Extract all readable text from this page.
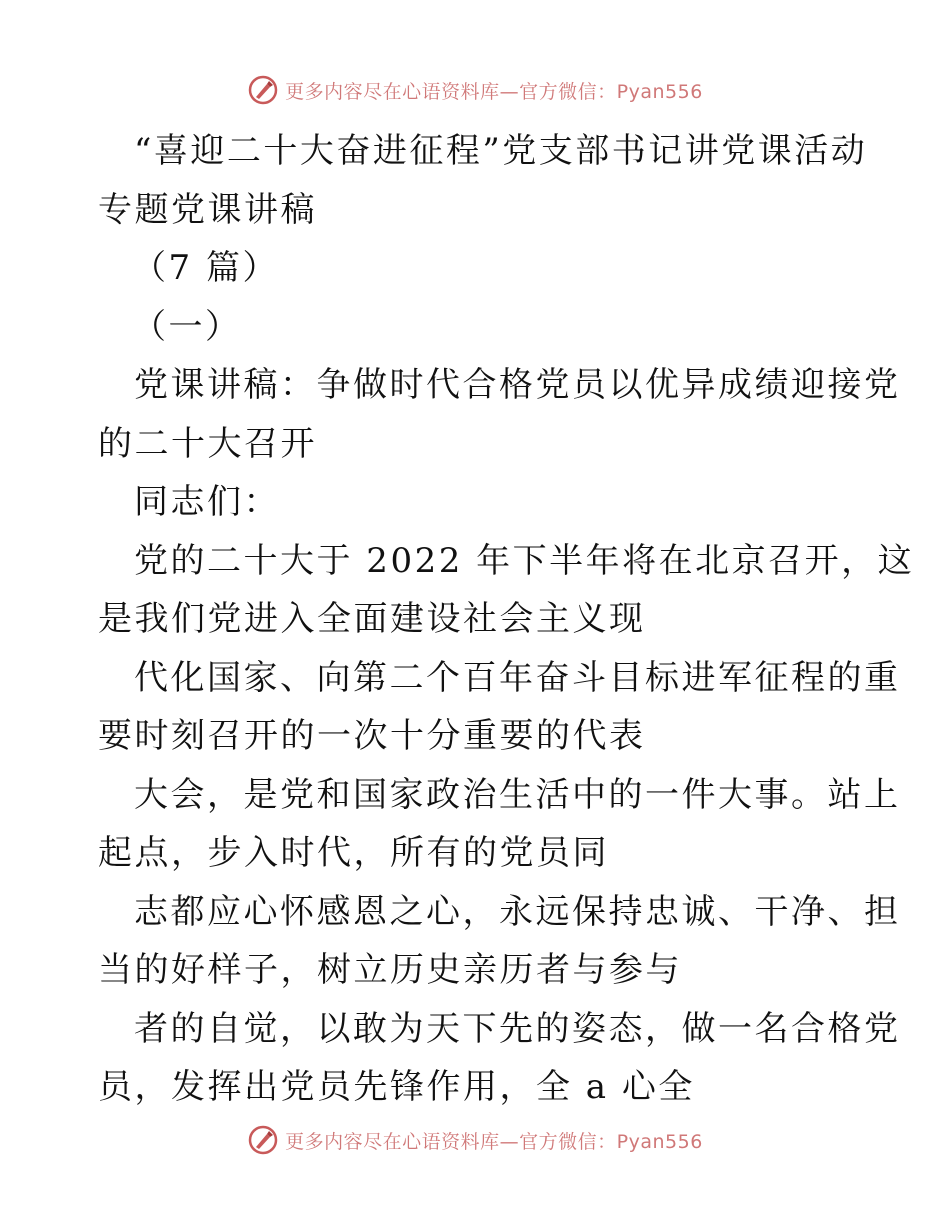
更多内容尽在心语资料库—官方微信：Pyan556
“喜迎二十大奋进征程”党支部书记讲党课活动
专题党课讲稿
（7 篇）
（一）
党课讲稿：争做时代合格党员以优异成绩迎接党
的二十大召开
同志们：
党的二十大于 2022 年下半年将在北京召开，这
是我们党进入全面建设社会主义现
代化国家、向第二个百年奋斗目标进军征程的重
要时刻召开的一次十分重要的代表
大会，是党和国家政治生活中的一件大事。站上
起点，步入时代，所有的党员同
志都应心怀感恩之心，永远保持忠诚、干净、担
当的好样子，树立历史亲历者与参与
者的自觉，以敢为天下先的姿态，做一名合格党
员，发挥出党员先锋作用，全 a 心全
更多内容尽在心语资料库—官方微信：Pyan556
